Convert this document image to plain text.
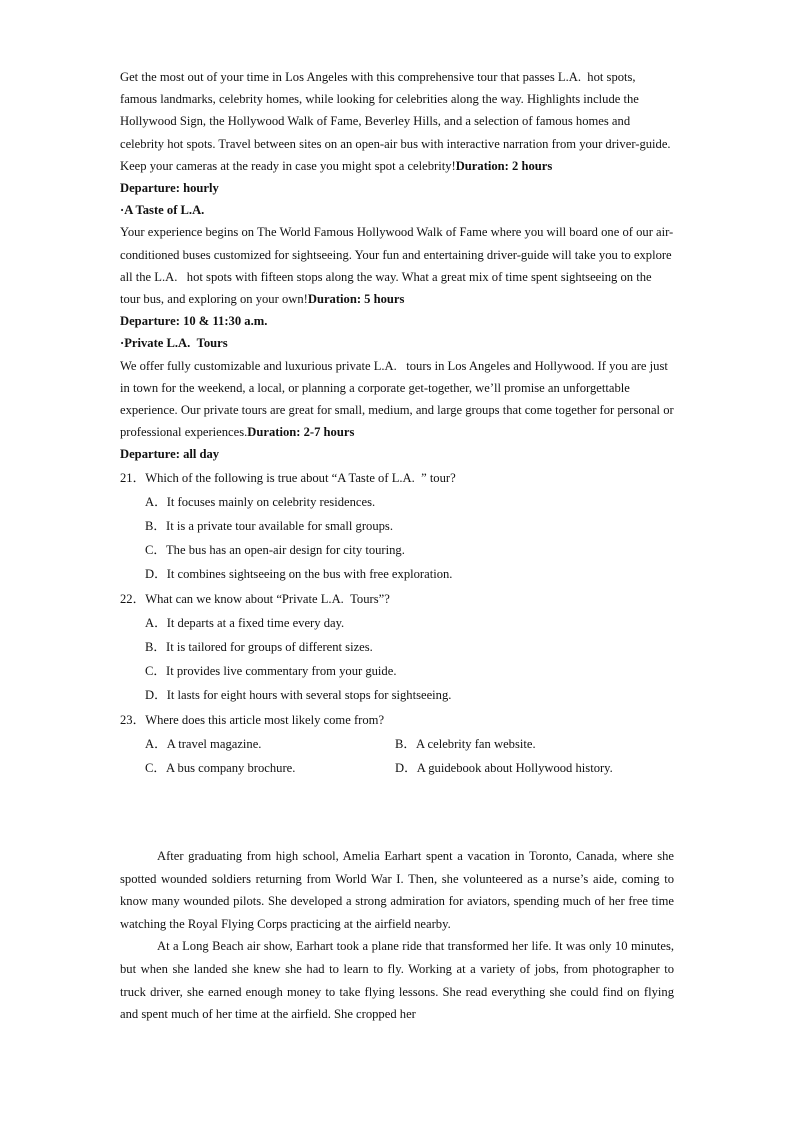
Get the most out of your time in Los Angeles with this comprehensive tour that passes L.A. hot spots, famous landmarks, celebrity homes, while looking for celebrities along the way. Highlights include the Hollywood Sign, the Hollywood Walk of Fame, Beverley Hills, and a selection of famous homes and celebrity hot spots. Travel between sites on an open-air bus with interactive narration from your driver-guide. Keep your cameras at the ready in case you might spot a celebrity!Duration: 2 hours

Departure: hourly

·A Taste of L.A.

Your experience begins on The World Famous Hollywood Walk of Fame where you will board one of our air-conditioned buses customized for sightseeing. Your fun and entertaining driver-guide will take you to explore all the L.A.  hot spots with fifteen stops along the way. What a great mix of time spent sightseeing on the tour bus, and exploring on your own!Duration: 5 hours

Departure: 10 & 11:30 a.m.

·Private L.A. Tours

We offer fully customizable and luxurious private L.A.  tours in Los Angeles and Hollywood. If you are just in town for the weekend, a local, or planning a corporate get-together, we’ll promise an unforgettable experience. Our private tours are great for small, medium, and large groups that come together for personal or professional experiences.Duration: 2-7 hours

Departure: all day

21．Which of the following is true about “A Taste of L.A. ” tour?

A．It focuses mainly on celebrity residences.

B．It is a private tour available for small groups.

C．The bus has an open-air design for city touring.

D．It combines sightseeing on the bus with free exploration.

22．What can we know about “Private L.A. Tours”?

A．It departs at a fixed time every day.

B．It is tailored for groups of different sizes.

C．It provides live commentary from your guide.

D．It lasts for eight hours with several stops for sightseeing.

23．Where does this article most likely come from?

A．A travel magazine.	B．A celebrity fan website.
C．A bus company brochure.	D．A guidebook about Hollywood history.

After graduating from high school, Amelia Earhart spent a vacation in Toronto, Canada, where she spotted wounded soldiers returning from World War I. Then, she volunteered as a nurse’s aide, coming to know many wounded pilots. She developed a strong admiration for aviators, spending much of her free time watching the Royal Flying Corps practicing at the airfield nearby.

At a Long Beach air show, Earhart took a plane ride that transformed her life. It was only 10 minutes, but when she landed she knew she had to learn to fly. Working at a variety of jobs, from photographer to truck driver, she earned enough money to take flying lessons. She read everything she could find on flying and spent much of her time at the airfield. She cropped her
